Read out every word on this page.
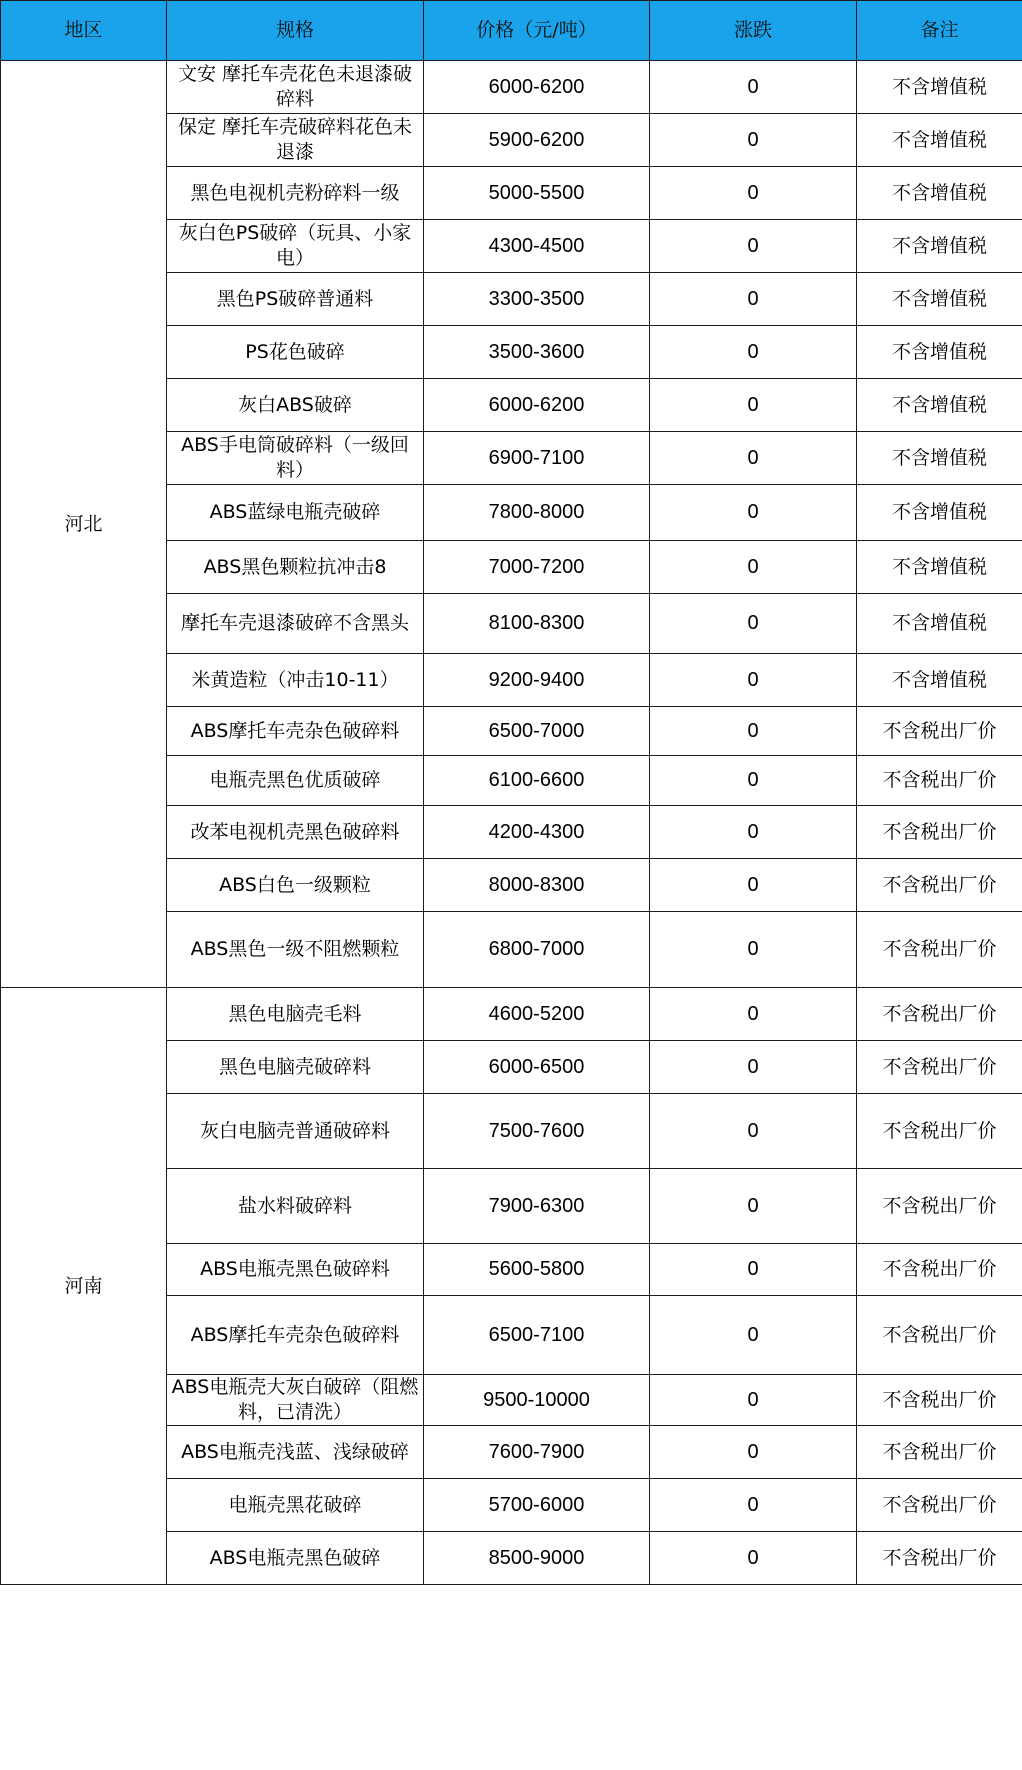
地区	规格	价格（元/吨）	涨跌	备注
河北	文安 摩托车壳花色未退漆破碎料	6000-6200	0	不含增值税
	保定 摩托车壳破碎料花色未退漆	5900-6200	0	不含增值税
	黑色电视机壳粉碎料一级	5000-5500	0	不含增值税
	灰白色PS破碎（玩具、小家电）	4300-4500	0	不含增值税
	黑色PS破碎普通料	3300-3500	0	不含增值税
	PS花色破碎	3500-3600	0	不含增值税
	灰白ABS破碎	6000-6200	0	不含增值税
	ABS手电筒破碎料（一级回料）	6900-7100	0	不含增值税
	ABS蓝绿电瓶壳破碎	7800-8000	0	不含增值税
	ABS黑色颗粒抗冲击8	7000-7200	0	不含增值税
	摩托车壳退漆破碎不含黑头	8100-8300	0	不含增值税
	米黄造粒（冲击10-11）	9200-9400	0	不含增值税
	ABS摩托车壳杂色破碎料	6500-7000	0	不含税出厂价
	电瓶壳黑色优质破碎	6100-6600	0	不含税出厂价
	改苯电视机壳黑色破碎料	4200-4300	0	不含税出厂价
	ABS白色一级颗粒	8000-8300	0	不含税出厂价
	ABS黑色一级不阻燃颗粒	6800-7000	0	不含税出厂价
河南	黑色电脑壳毛料	4600-5200	0	不含税出厂价
	黑色电脑壳破碎料	6000-6500	0	不含税出厂价
	灰白电脑壳普通破碎料	7500-7600	0	不含税出厂价
	盐水料破碎料	7900-6300	0	不含税出厂价
	ABS电瓶壳黑色破碎料	5600-5800	0	不含税出厂价
	ABS摩托车壳杂色破碎料	6500-7100	0	不含税出厂价
	ABS电瓶壳大灰白破碎（阻燃料，已清洗）	9500-10000	0	不含税出厂价
	ABS电瓶壳浅蓝、浅绿破碎	7600-7900	0	不含税出厂价
	电瓶壳黑花破碎	5700-6000	0	不含税出厂价
	ABS电瓶壳黑色破碎	8500-9000	0	不含税出厂价
